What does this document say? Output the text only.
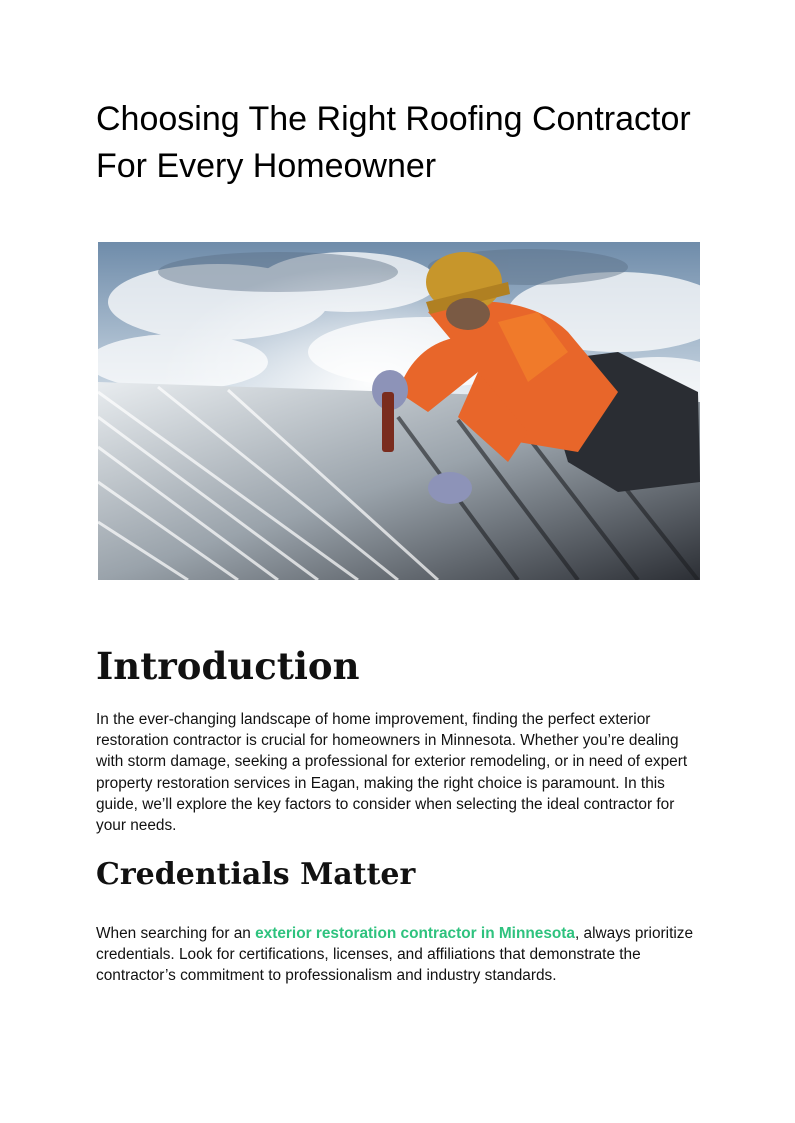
Choosing The Right Roofing Contractor For Every Homeowner
Introduction

In the ever-changing landscape of home improvement, finding the perfect exterior restoration contractor is crucial for homeowners in Minnesota. Whether you’re dealing with storm damage, seeking a professional for exterior remodeling, or in need of expert property restoration services in Eagan, making the right choice is paramount. In this guide, we’ll explore the key factors to consider when selecting the ideal contractor for your needs.

Credentials Matter

When searching for an exterior restoration contractor in Minnesota, always prioritize credentials. Look for certifications, licenses, and affiliations that demonstrate the contractor’s commitment to professionalism and industry standards.
